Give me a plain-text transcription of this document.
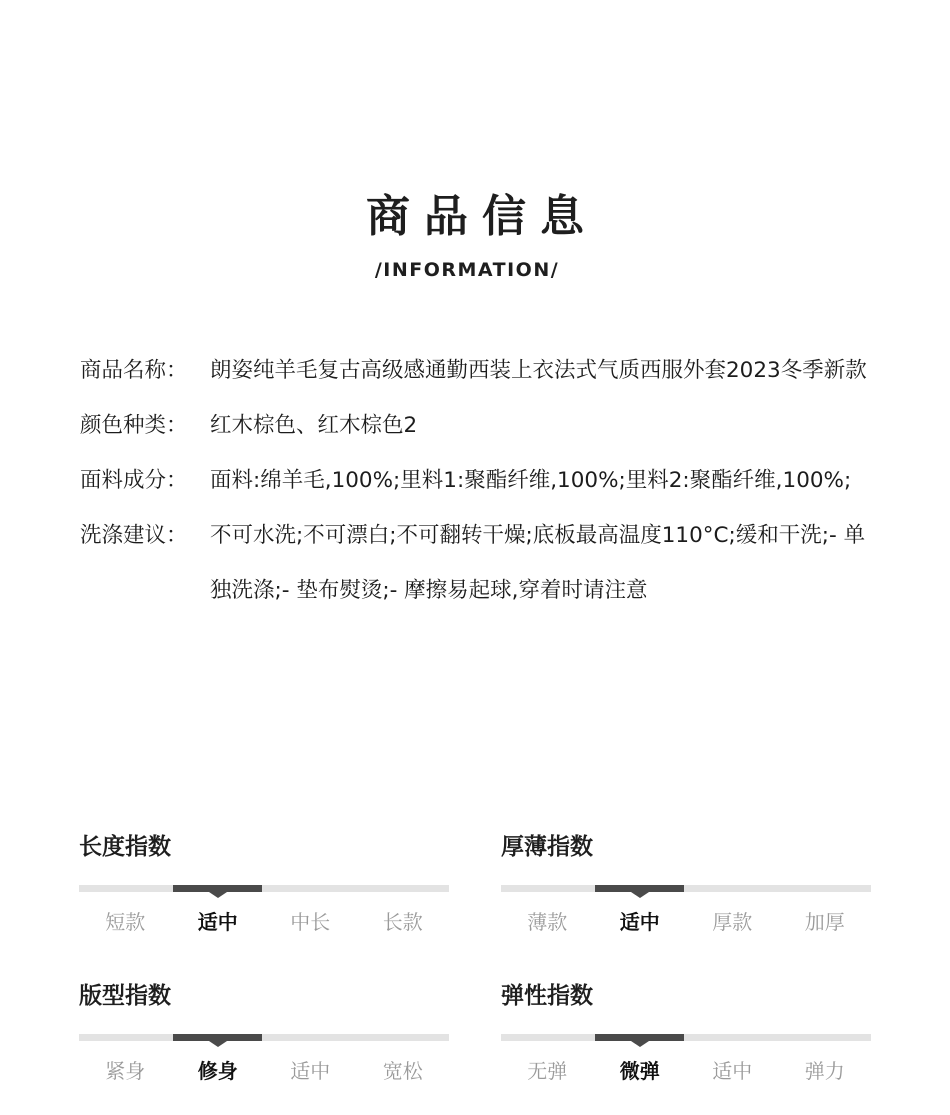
商品信息
/INFORMATION/
商品名称：	朗姿纯羊毛复古高级感通勤西装上衣法式气质西服外套2023冬季新款
颜色种类：	红木棕色、红木棕色2
面料成分：	面料:绵羊毛,100%;里料1:聚酯纤维,100%;里料2:聚酯纤维,100%;
洗涤建议：	不可水洗;不可漂白;不可翻转干燥;底板最高温度110°C;缓和干洗;- 单独洗涤;- 垫布熨烫;- 摩擦易起球,穿着时请注意
长度指数
短款	适中	中长	长款
厚薄指数
薄款	适中	厚款	加厚
版型指数
紧身	修身	适中	宽松
弹性指数
无弹	微弹	适中	弹力
